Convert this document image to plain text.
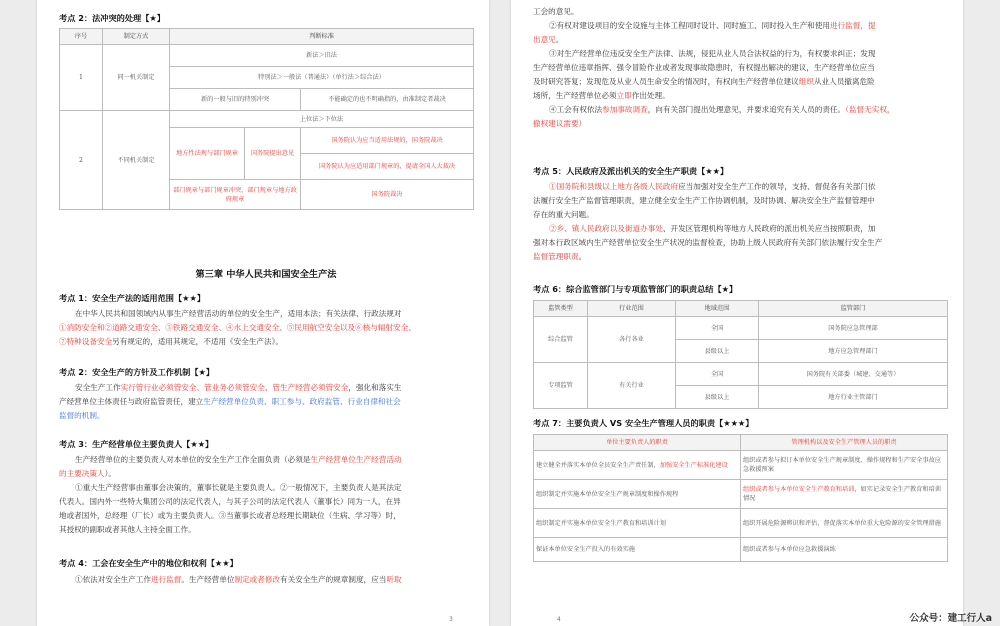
考点 2：法冲突的处理【★】
序号	制定方式	判断标准		
1	同一机关制定	新法＞旧法		
		特别法＞一般法（普通法）（单行法＞综合法）		
		新的一般与旧的特别冲突		不能确定的也不明确指的，由准制定者裁决
2	不同机关制定	上位法＞下位法		
		地方性法规与部门规章	国务院提出意见	国务院认为应当适用法规的，国务院裁决
				国务院认为应适用部门规章的，提请全国人大裁决
		部门规章与部门规章冲突、部门规章与地方政府规章		国务院裁决
第三章 中华人民共和国安全生产法
考点 1：安全生产法的适用范围【★★】

在中华人民共和国领域内从事生产经营活动的单位的安全生产，适用本法；有关法律、行政法规对

①消防安全和②道路交通安全、③铁路交通安全、④水上交通安全、⑤民用航空安全以及⑥核与辐射安全、

⑦特种设备安全另有规定的，适用其规定，不适用《安全生产法》。

考点 2：安全生产的方针及工作机制【★】

安全生产工作实行管行业必须管安全、管业务必须管安全、管生产经营必须管安全，强化和落实生

产经营单位主体责任与政府监管责任，建立生产经营单位负责、职工参与、政府监管、行业自律和社会

监督的机制。

考点 3：生产经营单位主要负责人【★★】

生产经营单位的主要负责人对本单位的安全生产工作全面负责（必须是生产经营单位生产经营活动

的主要决策人）。

①重大生产经营事由董事会决策的，董事长就是主要负责人。②一般情况下，主要负责人是其法定

代表人。国内外一些特大集团公司的法定代表人，与其子公司的法定代表人（董事长）同为一人，在异

地或者国外，总经理（厂长）或为主要负责人。③当董事长或者总经理长期缺位（生病、学习等）时，

其授权的副职或者其他人主持全面工作。

考点 4：工会在安全生产中的地位和权利【★★】

①依法对安全生产工作进行监督。生产经营单位制定或者修改有关安全生产的规章制度，应当听取

3

工会的意见。

②有权对建设项目的安全设施与主体工程同时设计、同时施工、同时投入生产和使用进行监督，提

出意见。

③对生产经营单位违反安全生产法律、法规，侵犯从业人员合法权益的行为，有权要求纠正；发现

生产经营单位违章指挥、强令冒险作业或者发现事故隐患时，有权提出解决的建议，生产经营单位应当

及时研究答复；发现危及从业人员生命安全的情况时，有权向生产经营单位建议组织从业人员撤离危险

场所，生产经营单位必须立即作出处理。

④工会有权依法参加事故调查，向有关部门提出处理意见，并要求追究有关人员的责任。（监督无实权，

撤权建议需要）

考点 5：人民政府及派出机关的安全生产职责【★★】

①国务院和县级以上地方各级人民政府应当加强对安全生产工作的领导，支持、督促各有关部门依

法履行安全生产监督管理职责，建立健全安全生产工作协调机制，及时协调、解决安全生产监督管理中

存在的重大问题。

②乡、镇人民政府以及街道办事处、开发区管理机构等地方人民政府的派出机关应当按照职责，加

强对本行政区域内生产经营单位安全生产状况的监督检查，协助上级人民政府有关部门依法履行安全生产

监督管理职责。

考点 6：综合监管部门与专项监管部门的职责总结【★】
监管类型	行业范围	地域范围	监管部门
综合监管	各行各业	全国	国务院应急管理部
		县级以上	地方应急管理部门
专项监管	有关行业	全国	国务院有关部委（城建、交通等）
		县级以上	地方行业主管部门
考点 7：主要负责人 VS 安全生产管理人员的职责【★★★】
单位主要负责人的职责	管理机构以及安全生产管理人员的职责
建立健全并落实本单位全员安全生产责任制，加强安全生产标准化建设	组织或者参与拟订本单位安全生产规章制度、操作规程和生产安全事故应急救援预案
组织制定并实施本单位安全生产规章制度和操作规程	组织或者参与本单位安全生产教育和培训，如实记录安全生产教育和培训情况
组织制定并实施本单位安全生产教育和培训计划	组织开展危险源辨识和评估，督促落实本单位重大危险源的安全管理措施
保证本单位安全生产投入的有效实施	组织或者参与本单位应急救援演练
4	公众号：建工行人a
